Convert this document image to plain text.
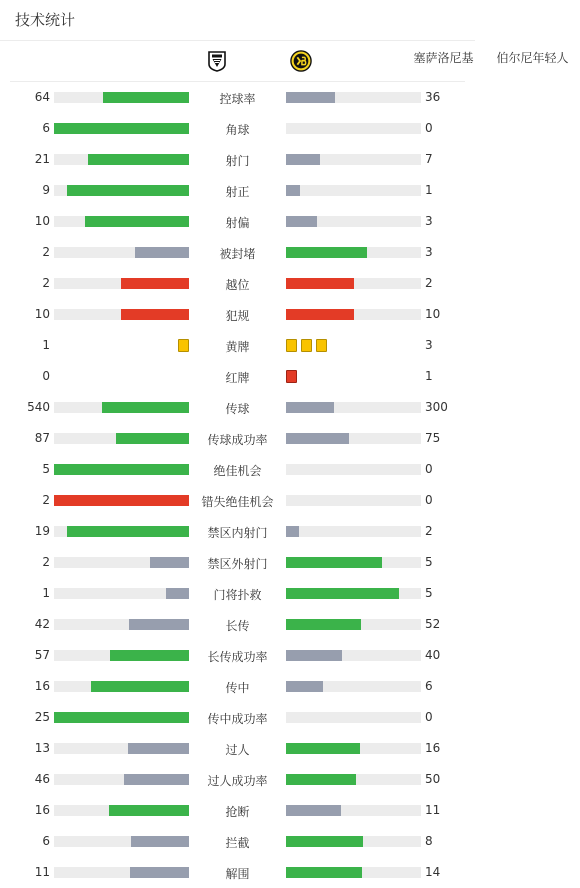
技术统计
塞萨洛尼基	伯尔尼年轻人
64	控球率	36
6	角球	0
21	射门	7
9	射正	1
10	射偏	3
2	被封堵	3
2	越位	2
10	犯规	10
1	黄牌	3
0	红牌	1
540	传球	300
87	传球成功率	75
5	绝佳机会	0
2	错失绝佳机会	0
19	禁区内射门	2
2	禁区外射门	5
1	门将扑救	5
42	长传	52
57	长传成功率	40
16	传中	6
25	传中成功率	0
13	过人	16
46	过人成功率	50
16	抢断	11
6	拦截	8
11	解围	14
